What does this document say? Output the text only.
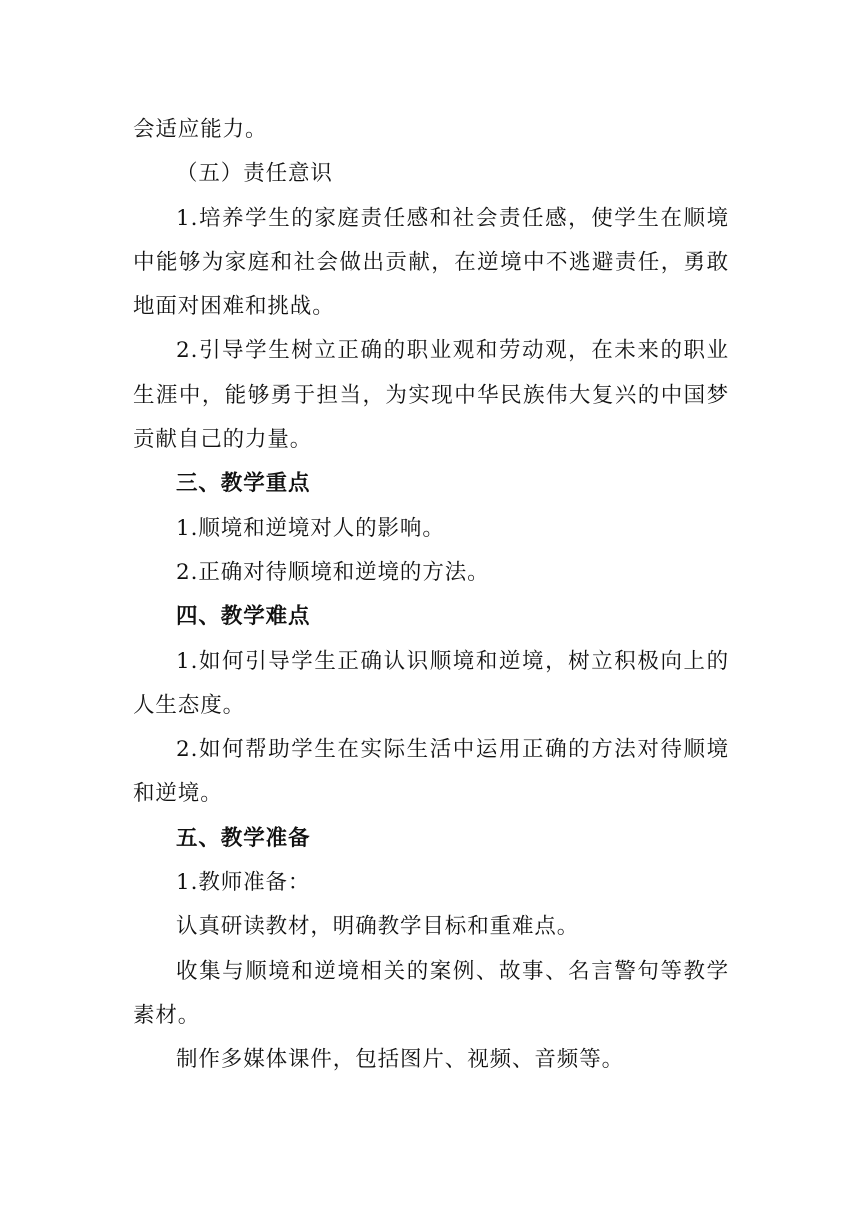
会适应能力。

（五）责任意识

1.培养学生的家庭责任感和社会责任感，使学生在顺境中能够为家庭和社会做出贡献，在逆境中不逃避责任，勇敢地面对困难和挑战。

2.引导学生树立正确的职业观和劳动观，在未来的职业生涯中，能够勇于担当，为实现中华民族伟大复兴的中国梦贡献自己的力量。

三、教学重点

1.顺境和逆境对人的影响。

2.正确对待顺境和逆境的方法。

四、教学难点

1.如何引导学生正确认识顺境和逆境，树立积极向上的人生态度。

2.如何帮助学生在实际生活中运用正确的方法对待顺境和逆境。

五、教学准备

1.教师准备：

认真研读教材，明确教学目标和重难点。

收集与顺境和逆境相关的案例、故事、名言警句等教学素材。

制作多媒体课件，包括图片、视频、音频等。
